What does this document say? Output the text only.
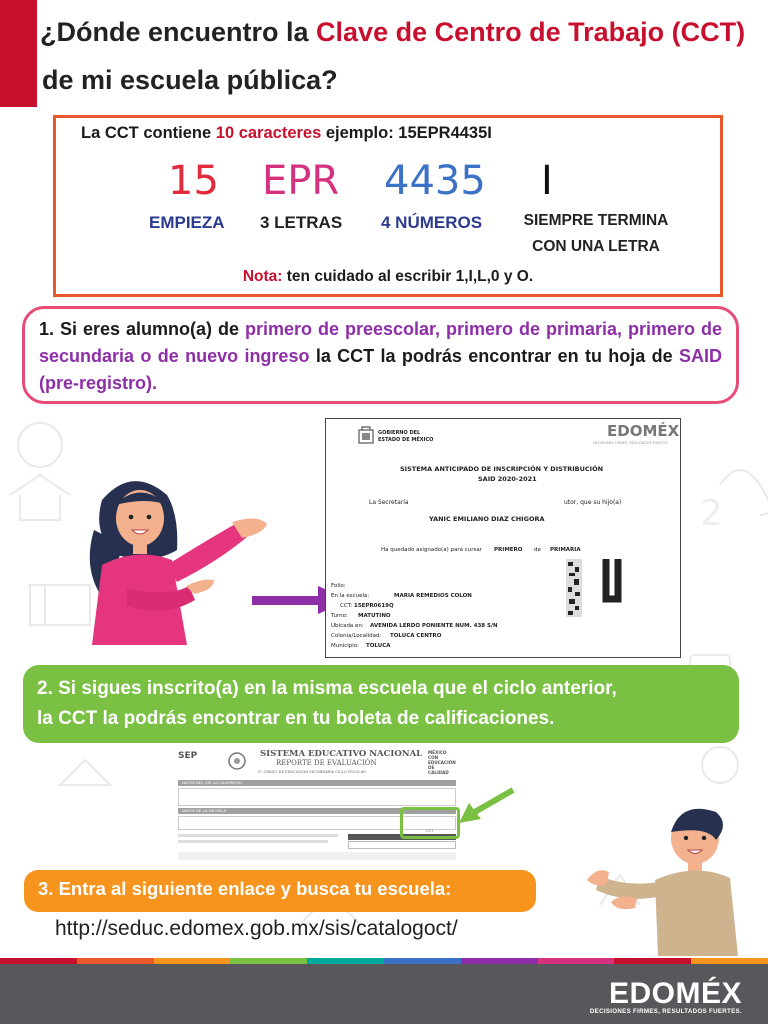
¿Dónde encuentro la Clave de Centro de Trabajo (CCT)
de mi escuela pública?
La CCT contiene 10 caracteres ejemplo: 15EPR4435I
15 EPR 4435 I
EMPIEZA 3 LETRAS 4 NÚMEROS	SIEMPRE TERMINA
CON UNA LETRA
Nota: ten cuidado al escribir 1,I,L,0 y O.
1. Si eres alumno(a) de primero de preescolar, primero de primaria, primero de secundaria o de nuevo ingreso la CCT la podrás encontrar en tu hoja de SAID (pre-registro).
2
GOBIERNO DEL
ESTADO DE MÉXICO	EDOMÉX
DECISIONES FIRMES, RESULTADOS FUERTES
SISTEMA ANTICIPADO DE INSCRIPCIÓN Y DISTRIBUCIÓN
SAID 2020-2021
La Secretaría	utor, que su hijo(a)
YANIC EMILIANO DIAZ CHIGORA
Ha quedado asignado(a) para cursar PRIMERO de PRIMARIA
Folio:
En la escuela:	MARIA REMEDIOS COLON
CCT: 15EPR0619Q
Turno: MATUTINO
Ubicada en: AVENIDA LERDO PONIENTE NUM. 438 S/N
Colonia/Localidad: TOLUCA CENTRO
Municipio: TOLUCA
2. Si sigues inscrito(a) en la misma escuela que el ciclo anterior,
la CCT la podrás encontrar en tu boleta de calificaciones.
SEP	SISTEMA EDUCATIVO NACIONAL
REPORTE DE EVALUACIÓN
2° GRADO DE EDUCACIÓN SECUNDARIA CICLO ESCOLAR
MÉXICO CON
EDUCACIÓN
DE
CALIDAD
DATOS DEL (DE LA) ALUMNO(A)
DATOS DE LA ESCUELA
CCT
3. Entra al siguiente enlace y busca tu escuela:
http://seduc.edomex.gob.mx/sis/catalogoct/
EDOMÉX
DECISIONES FIRMES, RESULTADOS FUERTES.
